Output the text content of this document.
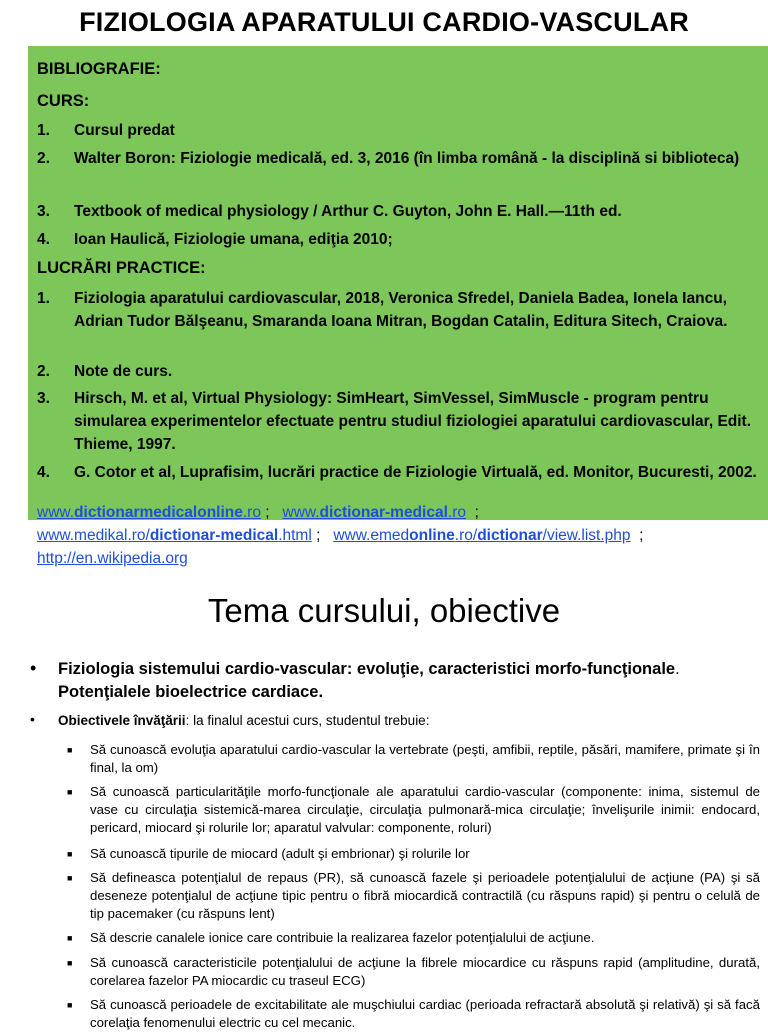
FIZIOLOGIA APARATULUI CARDIO-VASCULAR
BIBLIOGRAFIE:
CURS:
1. Cursul predat
2. Walter Boron: Fiziologie medicală, ed. 3, 2016 (în limba română - la disciplină si biblioteca)
3. Textbook of medical physiology / Arthur C. Guyton, John E. Hall.—11th ed.
4. Ioan Haulică, Fiziologie umana, ediţia 2010;
LUCRĂRI PRACTICE:
1. Fiziologia aparatului cardiovascular, 2018, Veronica Sfredel, Daniela Badea, Ionela Iancu, Adrian Tudor Bălşeanu, Smaranda Ioana Mitran, Bogdan Catalin, Editura Sitech, Craiova.
2. Note de curs.
3. Hirsch, M. et al, Virtual Physiology: SimHeart, SimVessel, SimMuscle - program pentru simularea experimentelor efectuate pentru studiul fiziologiei aparatului cardiovascular, Edit. Thieme, 1997.
4. G. Cotor et al, Luprafisim, lucrări practice de Fiziologie Virtuală, ed. Monitor, Bucuresti, 2002.
www.dictionarmedicalonline.ro ;   www.dictionar-medical.ro  ;
www.medikal.ro/dictionar-medical.html ;   www.emedonline.ro/dictionar/view.list.php  ;
http://en.wikipedia.org
Tema cursului, obiective
• Fiziologia sistemului cardio-vascular: evoluţie, caracteristici morfo-funcţionale. Potenţialele bioelectrice cardiace.
• Obiectivele învăţării: la finalul acestui curs, studentul trebuie:
■ Să cunoască evoluţia aparatului cardio-vascular la vertebrate (peşti, amfibii, reptile, păsări, mamifere, primate şi în final, la om)
■ Să cunoască particularităţile morfo-funcţionale ale aparatului cardio-vascular (componente: inima, sistemul de vase cu circulaţia sistemică-marea circulaţie, circulaţia pulmonară-mica circulaţie; învelişurile inimii: endocard, pericard, miocard şi rolurile lor; aparatul valvular: componente, roluri)
■ Să cunoască tipurile de miocard (adult şi embrionar) şi rolurile lor
■ Să defineasca potenţialul de repaus (PR), să cunoască fazele şi perioadele potenţialului de acţiune (PA) şi să deseneze potenţialul de acţiune tipic pentru o fibră miocardică contractilă (cu răspuns rapid) şi pentru o celulă de tip pacemaker (cu răspuns lent)
■ Să descrie canalele ionice care contribuie la realizarea fazelor potenţialului de acţiune.
■ Să cunoască caracteristicile potenţialului de acţiune la fibrele miocardice cu răspuns rapid (amplitudine, durată, corelarea fazelor PA miocardic cu traseul ECG)
■ Să cunoască perioadele de excitabilitate ale muşchiului cardiac (perioada refractară absolută şi relativă) şi să facă corelaţia fenomenului electric cu cel mecanic.
